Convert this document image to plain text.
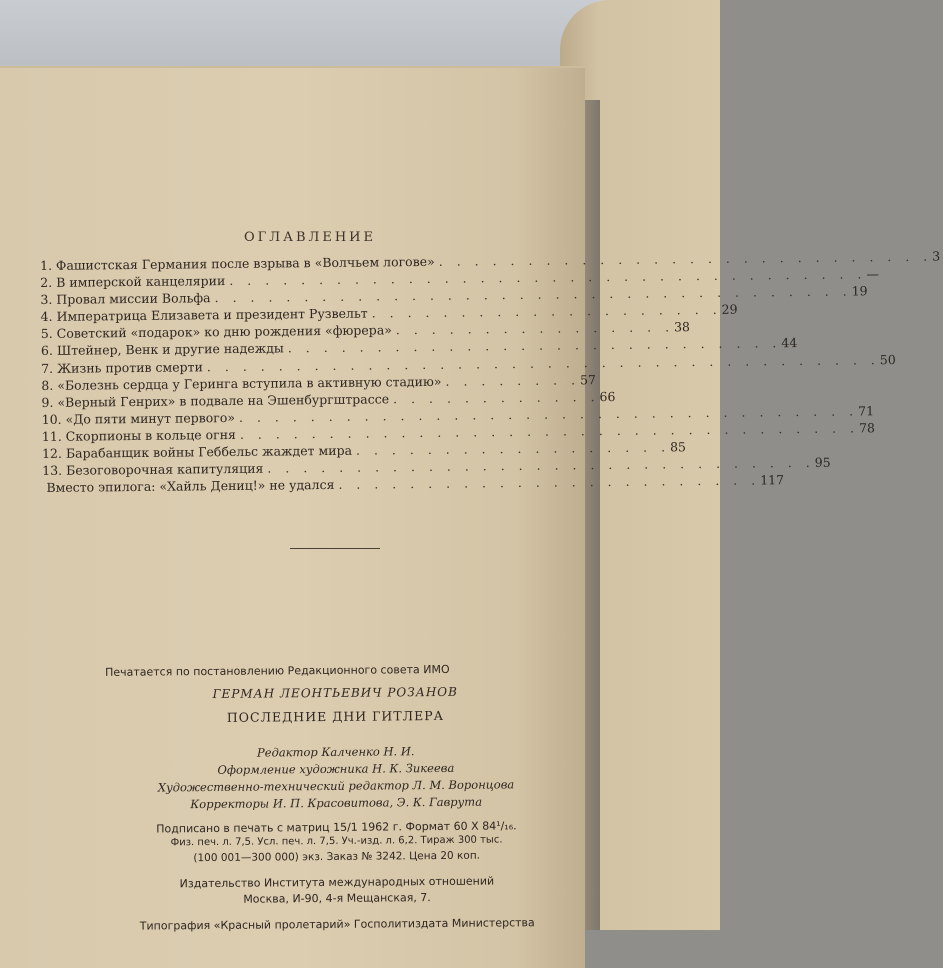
ОГЛАВЛЕНИЕ
1. Фашистская Германия после взрыва в «Волчьем логове» . . . . . . . . . . . . . . . . . . . . . . . . . . . . 3
2. В имперской канцелярии . . . . . . . . . . . . . . . . . . . . . . . . . . . . . . . . . . . . —
3. Провал миссии Вольфа . . . . . . . . . . . . . . . . . . . . . . . . . . . . . . . . . . . . 19
4. Императрица Елизавета и президент Рузвельт . . . . . . . . . . . . . . . . . . . . 29
5. Советский «подарок» ко дню рождения «фюрера» . . . . . . . . . . . . . . . . 38
6. Штейнер, Венк и другие надежды . . . . . . . . . . . . . . . . . . . . . . . . . . . . 44
7. Жизнь против смерти . . . . . . . . . . . . . . . . . . . . . . . . . . . . . . . . . . . . . . 50
8. «Болезнь сердца у Геринга вступила в активную стадию» . . . . . . . . 57
9. «Верный Генрих» в подвале на Эшенбургштрассе . . . . . . . . . . . . 66
10. «До пяти минут первого» . . . . . . . . . . . . . . . . . . . . . . . . . . . . . . . . . . . 71
11. Скорпионы в кольце огня . . . . . . . . . . . . . . . . . . . . . . . . . . . . . . . . . . . 78
12. Барабанщик войны Геббельс жаждет мира . . . . . . . . . . . . . . . . . . 85
13. Безоговорочная капитуляция . . . . . . . . . . . . . . . . . . . . . . . . . . . . . . . 95
Вместо эпилога: «Хайль Дениц!» не удался . . . . . . . . . . . . . . . . . . . . . . . . 117
Печатается по постановлению Редакционного совета ИМО
ГЕРМАН ЛЕОНТЬЕВИЧ РОЗАНОВ
ПОСЛЕДНИЕ ДНИ ГИТЛЕРА
Редактор Калченко Н. И.
Оформление художника Н. К. Зикеева
Художественно-технический редактор Л. М. Воронцова
Корректоры И. П. Красовитова, Э. К. Гаврута
Подписано в печать с матриц 15/1 1962 г. Формат 60 Х 84¹/₁₆.
Физ. печ. л. 7,5. Усл. печ. л. 7,5. Уч.-изд. л. 6,2. Тираж 300 тыс.
(100 001—300 000) экз. Заказ № 3242. Цена 20 коп.
Издательство Института международных отношений
Москва, И-90, 4-я Мещанская, 7.
Типография «Красный пролетарий» Госполитиздата Министерства
